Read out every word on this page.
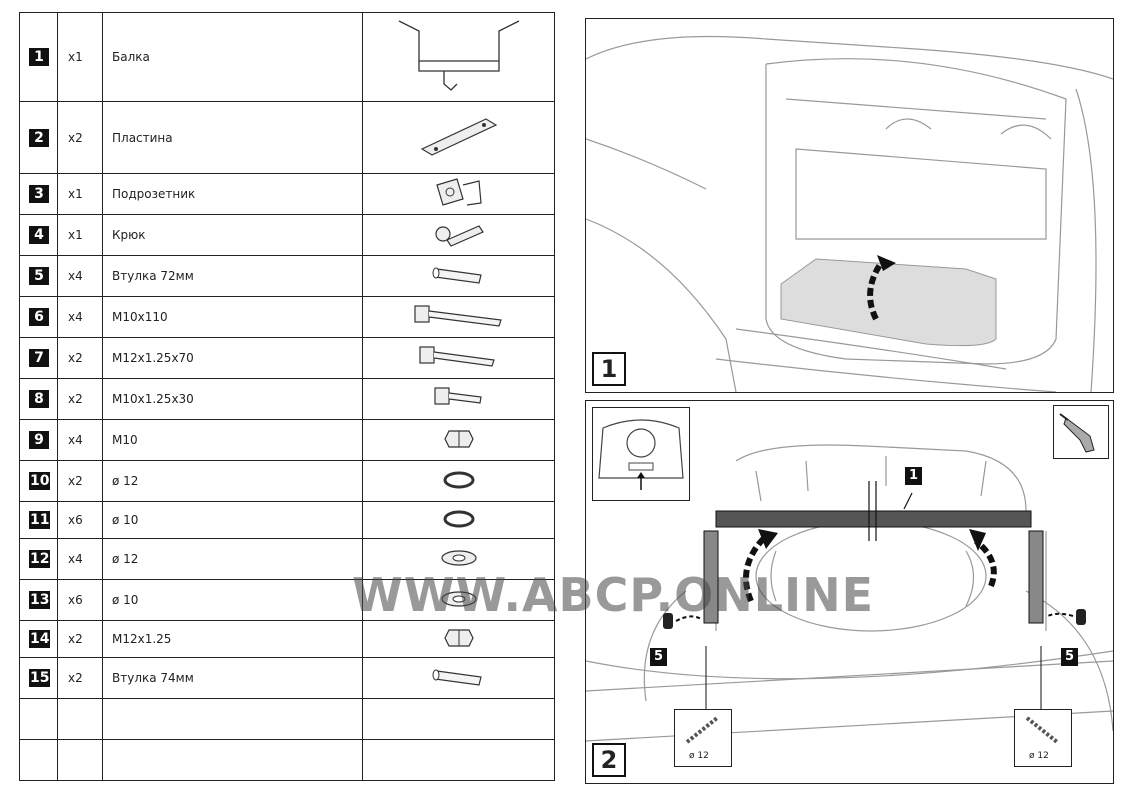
1	x1	Балка	

2	x2	Пластина	

3	x1	Подрозетник	

4	x1	Крюк	

5	x4	Втулка 72мм	

6	x4	M10x110	

7	x2	M12x1.25x70	

8	x2	M10x1.25x30	

9	x4	M10	

10	x2	ø 12	

11	x6	ø 10	

12	x4	ø 12	

13	x6	ø 10	

14	x2	M12x1.25	

15	x2	Втулка 74мм	

1
1
5	5
ø 12	ø 12
2
WWW.ABCP.ONLINE
